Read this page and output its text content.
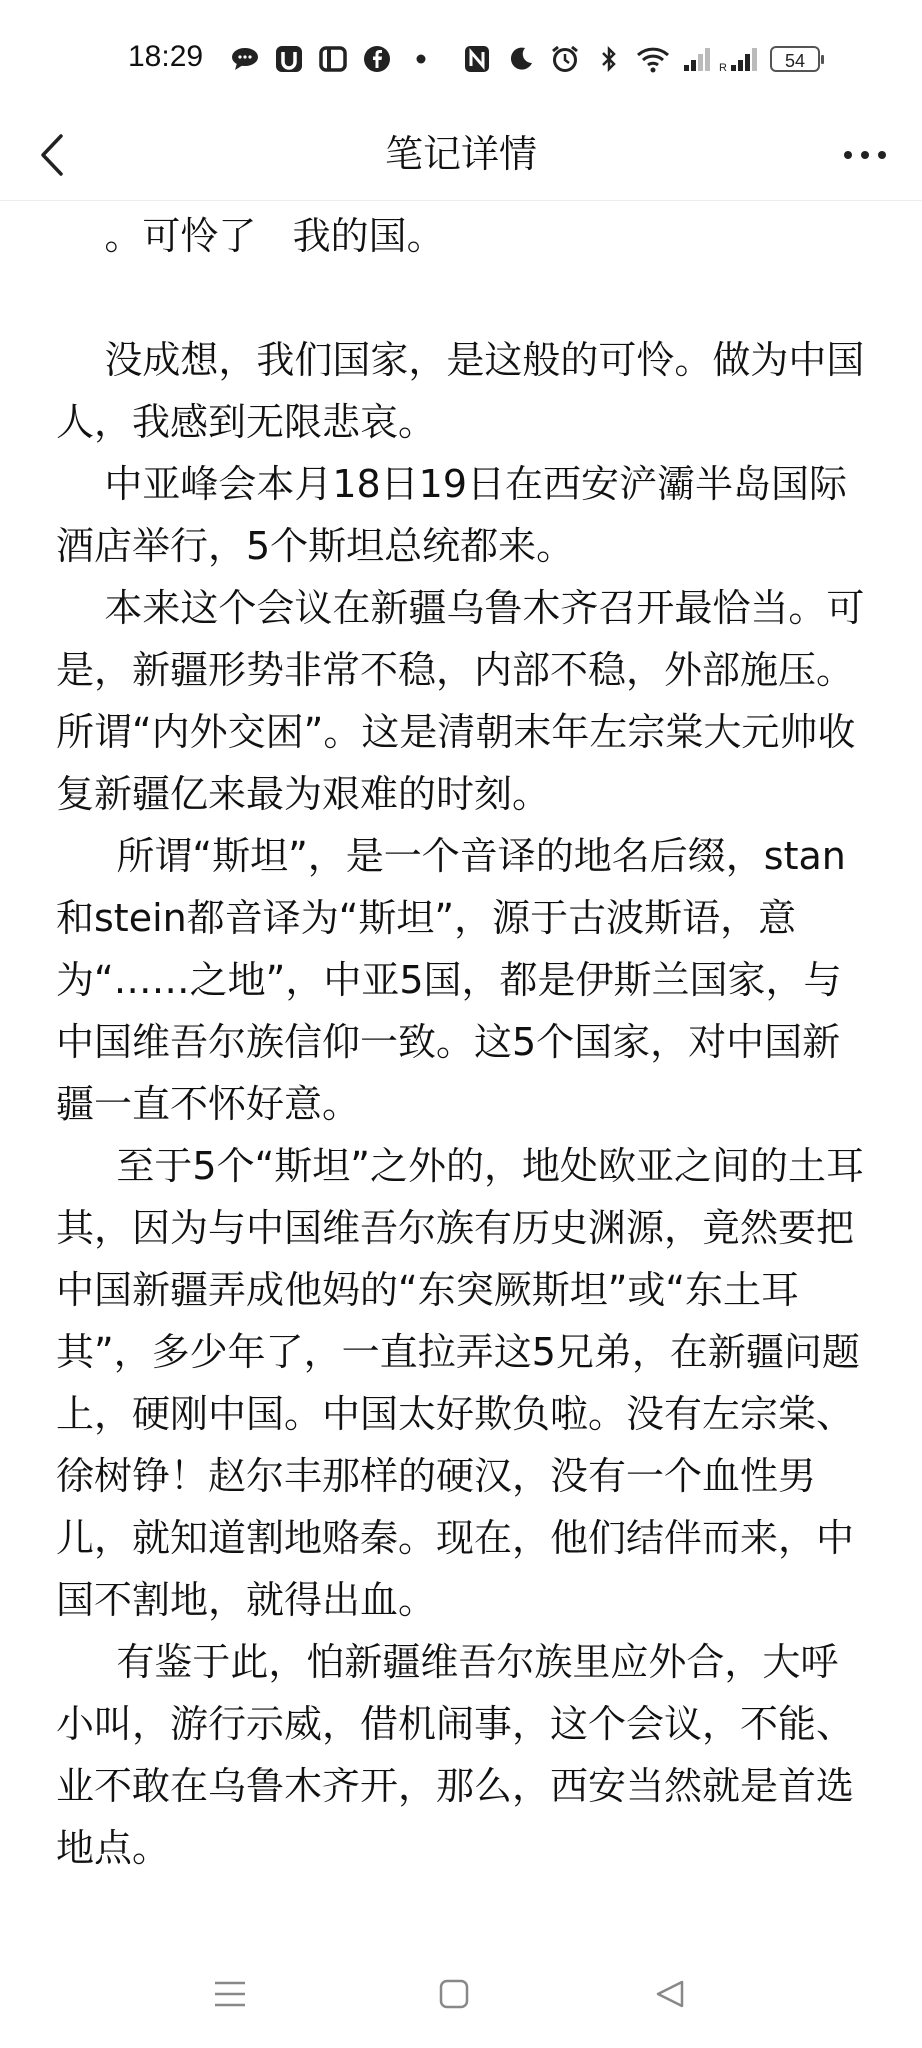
18:29	R	54
笔记详情

。可怜了   我的国。

没成想，我们国家，是这般的可怜。做为中国人，我感到无限悲哀。

中亚峰会本月18日19日在西安浐灞半岛国际酒店举行，5个斯坦总统都来。

本来这个会议在新疆乌鲁木齐召开最恰当。可是，新疆形势非常不稳，内部不稳，外部施压。所谓“内外交困”。这是清朝末年左宗棠大元帅收复新疆亿来最为艰难的时刻。

所谓“斯坦”，是一个音译的地名后缀，stan和stein都音译为“斯坦”，源于古波斯语，意为“……之地”，中亚5国，都是伊斯兰国家，与中国维吾尔族信仰一致。这5个国家，对中国新疆一直不怀好意。

至于5个“斯坦”之外的，地处欧亚之间的土耳其，因为与中国维吾尔族有历史渊源，竟然要把中国新疆弄成他妈的“东突厥斯坦”或“东土耳其”，多少年了，一直拉弄这5兄弟，在新疆问题上，硬刚中国。中国太好欺负啦。没有左宗棠、徐树铮！赵尔丰那样的硬汉，没有一个血性男儿，就知道割地赂秦。现在，他们结伴而来，中国不割地，就得出血。

有鉴于此，怕新疆维吾尔族里应外合，大呼小叫，游行示威，借机闹事，这个会议，不能、业不敢在乌鲁木齐开，那么，西安当然就是首选地点。
